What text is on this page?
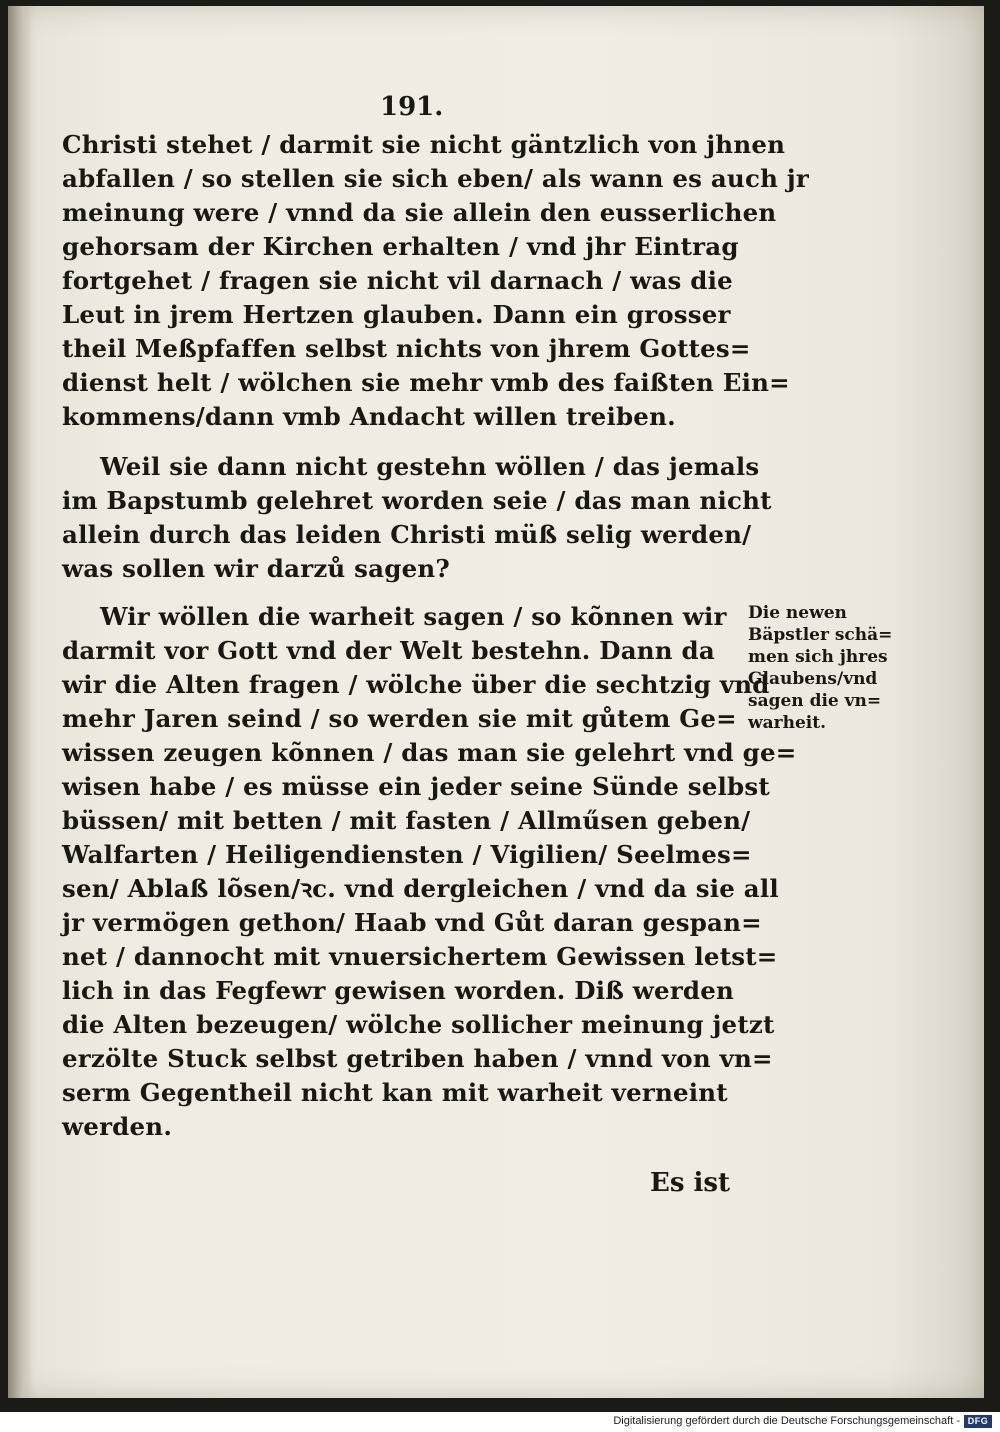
191.
Christi stehet / darmit sie nicht gäntzlich von jhnen
abfallen / so stellen sie sich eben/ als wann es auch jr
meinung were / vnnd da sie allein den eusserlichen
gehorsam der Kirchen erhalten / vnd jhr Eintrag
fortgehet / fragen sie nicht vil darnach / was die
Leut in jrem Hertzen glauben. Dann ein grosser
theil Meßpfaffen selbst nichts von jhrem Gottes=
dienst helt / wölchen sie mehr vmb des faißten Ein=
kommens/dann vmb Andacht willen treiben.
Weil sie dann nicht gestehn wöllen / das jemals
im Bapstumb gelehret worden seie / das man nicht
allein durch das leiden Christi müß selig werden/
was sollen wir darzů sagen?
Wir wöllen die warheit sagen / so kõnnen wir
darmit vor Gott vnd der Welt bestehn. Dann da
wir die Alten fragen / wölche über die sechtzig vnd
mehr Jaren seind / so werden sie mit gůtem Ge=
wissen zeugen kõnnen / das man sie gelehrt vnd ge=
wisen habe / es müsse ein jeder seine Sünde selbst
büssen/ mit betten / mit fasten / Allműsen geben/
Walfarten / Heiligendiensten / Vigilien/ Seelmes=
sen/ Ablaß lõsen/ꝛc. vnd dergleichen / vnd da sie all
jr vermögen gethon/ Haab vnd Gůt daran gespan=
net / dannocht mit vnuersichertem Gewissen letst=
lich in das Fegfewr gewisen worden. Diß werden
die Alten bezeugen/ wölche sollicher meinung jetzt
erzölte Stuck selbst getriben haben / vnnd von vn=
serm Gegentheil nicht kan mit warheit verneint
werden.
Die newen
Bäpstler schä=
men sich jhres
Glaubens/vnd
sagen die vn=
warheit.
Es ist
Digitalisierung gefördert durch die Deutsche Forschungsgemeinschaft - DFG
